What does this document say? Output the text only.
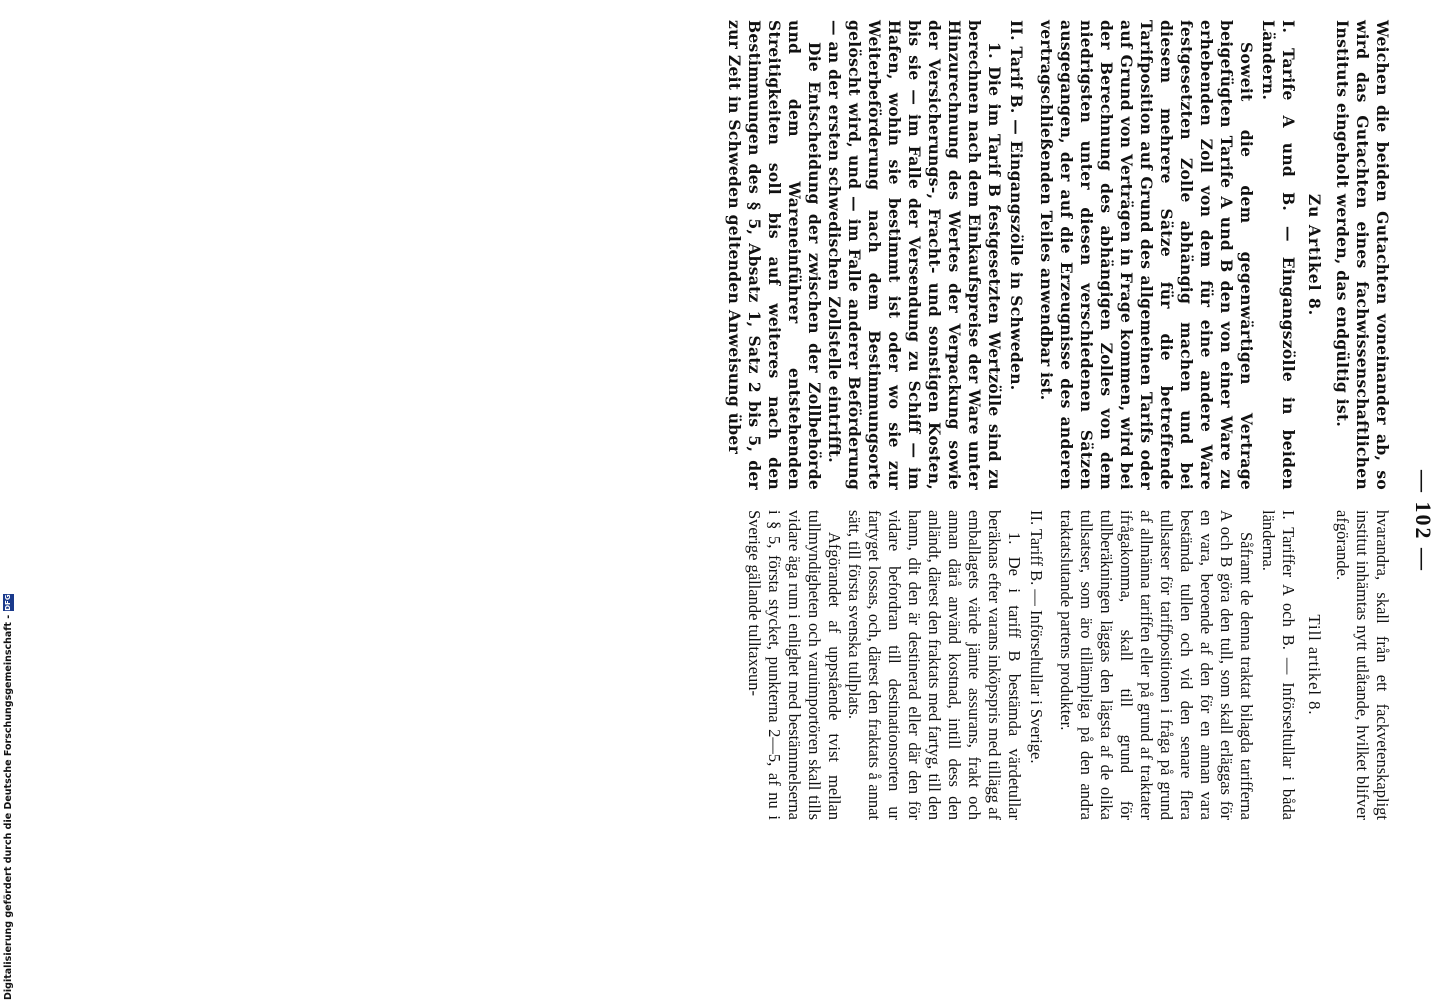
— 102 —

hvarandra, skall från ett fackvetenskapligt institut inhämtas nytt utlåtande, hvilket blifver afgörande.

Till artikel 8.

I. Tariffer A och B. — Införseltullar i båda länderna.

Såframt de denna traktat bilagda tarifferna A och B göra den tull, som skall erläggas för en vara, beroende af den för en annan vara bestämda tullen och vid den senare flera tullsatser för tariffpositionen i fråga på grund af allmänna tariffen eller på grund af traktater ifrågakomma, skall till grund för tullberäkningen läggas den lägsta af de olika tullsatser, som äro tillämpliga på den andra traktatslutande partens produkter.

II. Tariff B. — Införseltullar i Sverige.

1. De i tariff B bestämda värdetullar beräknas efter varans inköpspris med tillägg af emballagets värde jämte assurans, frakt och annan därå använd kostnad, intill dess den anländt, därest den fraktats med fartyg, till den hamn, dit den är destinerad eller där den för vidare befordran till destinationsorten ur fartyget lossas, och, därest den fraktats å annat sätt, till första svenska tullplats.

Afgörandet af uppstående tvist mellan tullmyndigheten och varuimportören skall tills vidare äga rum i enlighet med bestämmelserna i § 5, första stycket, punkterna 2—5, af nu i Sverige gällande tulltaxeun-

Weichen die beiden Gutachten voneinander ab, so wird das Gutachten eines fachwissenschaftlichen Instituts eingeholt werden, das endgültig ist.

Zu Artikel 8.

I. Tarife A und B. — Eingangszölle in beiden Ländern.

Soweit die dem gegenwärtigen Vertrage beigefügten Tarife A und B den von einer Ware zu erhebenden Zoll von dem für eine andere Ware festgesetzten Zolle abhängig machen und bei diesem mehrere Sätze für die betreffende Tarifposition auf Grund des allgemeinen Tarifs oder auf Grund von Verträgen in Frage kommen, wird bei der Berechnung des abhängigen Zolles von dem niedrigsten unter diesen verschiedenen Sätzen ausgegangen, der auf die Erzeugnisse des anderen vertragschließenden Teiles anwendbar ist.

II. Tarif B. — Eingangszölle in Schweden.

1. Die im Tarif B festgesetzten Wertzölle sind zu berechnen nach dem Einkaufspreise der Ware unter Hinzurechnung des Wertes der Verpackung sowie der Versicherungs-, Fracht- und sonstigen Kosten, bis sie — im Falle der Versendung zu Schiff — im Hafen, wohin sie bestimmt ist oder wo sie zur Weiterbeförderung nach dem Bestimmungsorte gelöscht wird, und — im Falle anderer Beförderung — an der ersten schwedischen Zollstelle eintrifft.

Die Entscheidung der zwischen der Zollbehörde und dem Wareneinführer entstehenden Streitigkeiten soll bis auf weiteres nach den Bestimmungen des § 5, Absatz 1, Satz 2 bis 5, der zur Zeit in Schweden geltenden Anweisung über

Digitalisierung gefördert durch die Deutsche Forschungsgemeinschaft -
DFG
